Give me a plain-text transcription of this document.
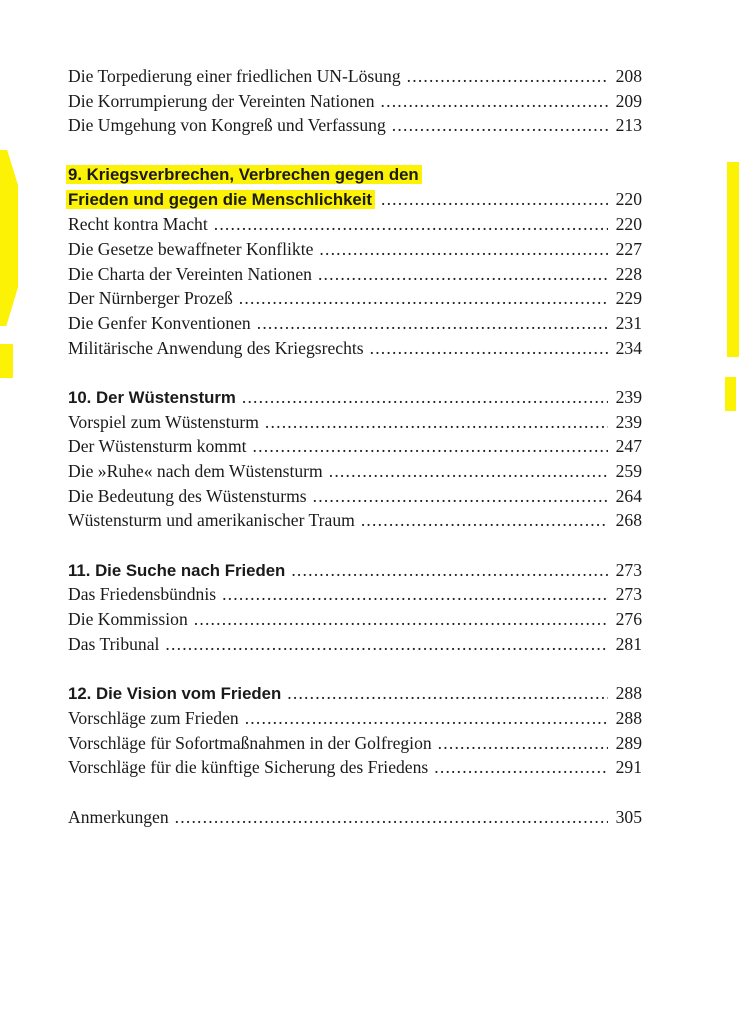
Die Torpedierung einer friedlichen UN-Lösung . . .	208
Die Korrumpierung der Vereinten Nationen . . .	209
Die Umgehung von Kongreß und Verfassung . . .	213
9. Kriegsverbrechen, Verbrechen gegen den
Frieden und gegen die Menschlichkeit . . .	220
Recht kontra Macht . . .	220
Die Gesetze bewaffneter Konflikte . . .	227
Die Charta der Vereinten Nationen . . .	228
Der Nürnberger Prozeß . . .	229
Die Genfer Konventionen . . .	231
Militärische Anwendung des Kriegsrechts . . .	234
10. Der Wüstensturm . . .	239
Vorspiel zum Wüstensturm . . .	239
Der Wüstensturm kommt . . .	247
Die »Ruhe« nach dem Wüstensturm . . .	259
Die Bedeutung des Wüstensturms . . .	264
Wüstensturm und amerikanischer Traum . . .	268
11. Die Suche nach Frieden . . .	273
Das Friedensbündnis . . .	273
Die Kommission . . .	276
Das Tribunal . . .	281
12. Die Vision vom Frieden . . .	288
Vorschläge zum Frieden . . .	288
Vorschläge für Sofortmaßnahmen in der Golfregion . . .	289
Vorschläge für die künftige Sicherung des Friedens . . .	291
Anmerkungen . . .	305
